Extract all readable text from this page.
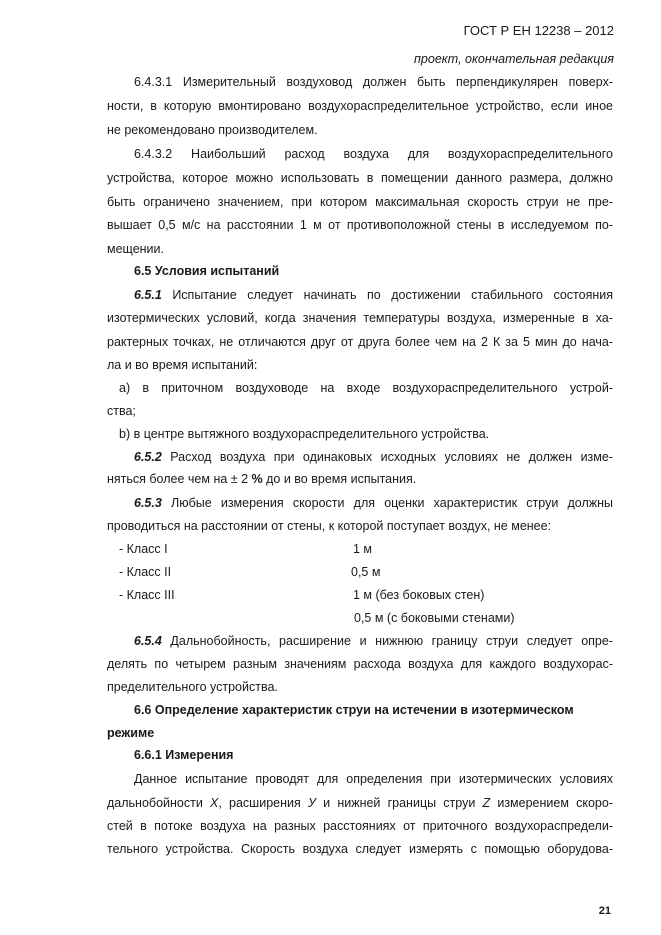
ГОСТ Р ЕН 12238 – 2012
проект, окончательная редакция
6.4.3.1 Измерительный воздуховод должен быть перпендикулярен поверх-
ности, в которую вмонтировано воздухораспределительное устройство, если иное
не рекомендовано производителем.
6.4.3.2 Наибольший расход воздуха для воздухораспределительного
устройства, которое можно использовать в помещении данного размера, должно
быть ограничено значением, при котором максимальная скорость струи не пре-
вышает 0,5 м/с на расстоянии 1 м от противоположной стены в исследуемом по-
мещении.
6.5 Условия испытаний
6.5.1 Испытание следует начинать по достижении стабильного состояния
изотермических условий, когда значения температуры воздуха, измеренные в ха-
рактерных точках, не отличаются друг от друга более чем на 2 К за 5 мин до нача-
ла и во время испытаний:
а) в приточном воздуховоде на входе воздухораспределительного устрой-
ства;
b) в центре вытяжного воздухораспределительного устройства.
6.5.2 Расход воздуха при одинаковых исходных условиях не должен изме-
няться более чем на ± 2 % до и во время испытания.
6.5.3 Любые измерения скорости для оценки характеристик струи должны
проводиться на расстоянии от стены, к которой поступает воздух, не менее:
- Класс I	1 м
- Класс II	0,5 м
- Класс III	1 м (без боковых стен)
0,5 м (с боковыми стенами)
6.5.4 Дальнобойность, расширение и нижнюю границу струи следует опре-
делять по четырем разным значениям расхода воздуха для каждого воздухорас-
пределительного устройства.
6.6 Определение характеристик струи на истечении в изотермическом
режиме
6.6.1 Измерения
Данное испытание проводят для определения при изотермических условиях
дальнобойности X, расширения У и нижней границы струи Z измерением скоро-
стей в потоке воздуха на разных расстояниях от приточного воздухораспредели-
тельного устройства. Скорость воздуха следует измерять с помощью оборудова-
21
